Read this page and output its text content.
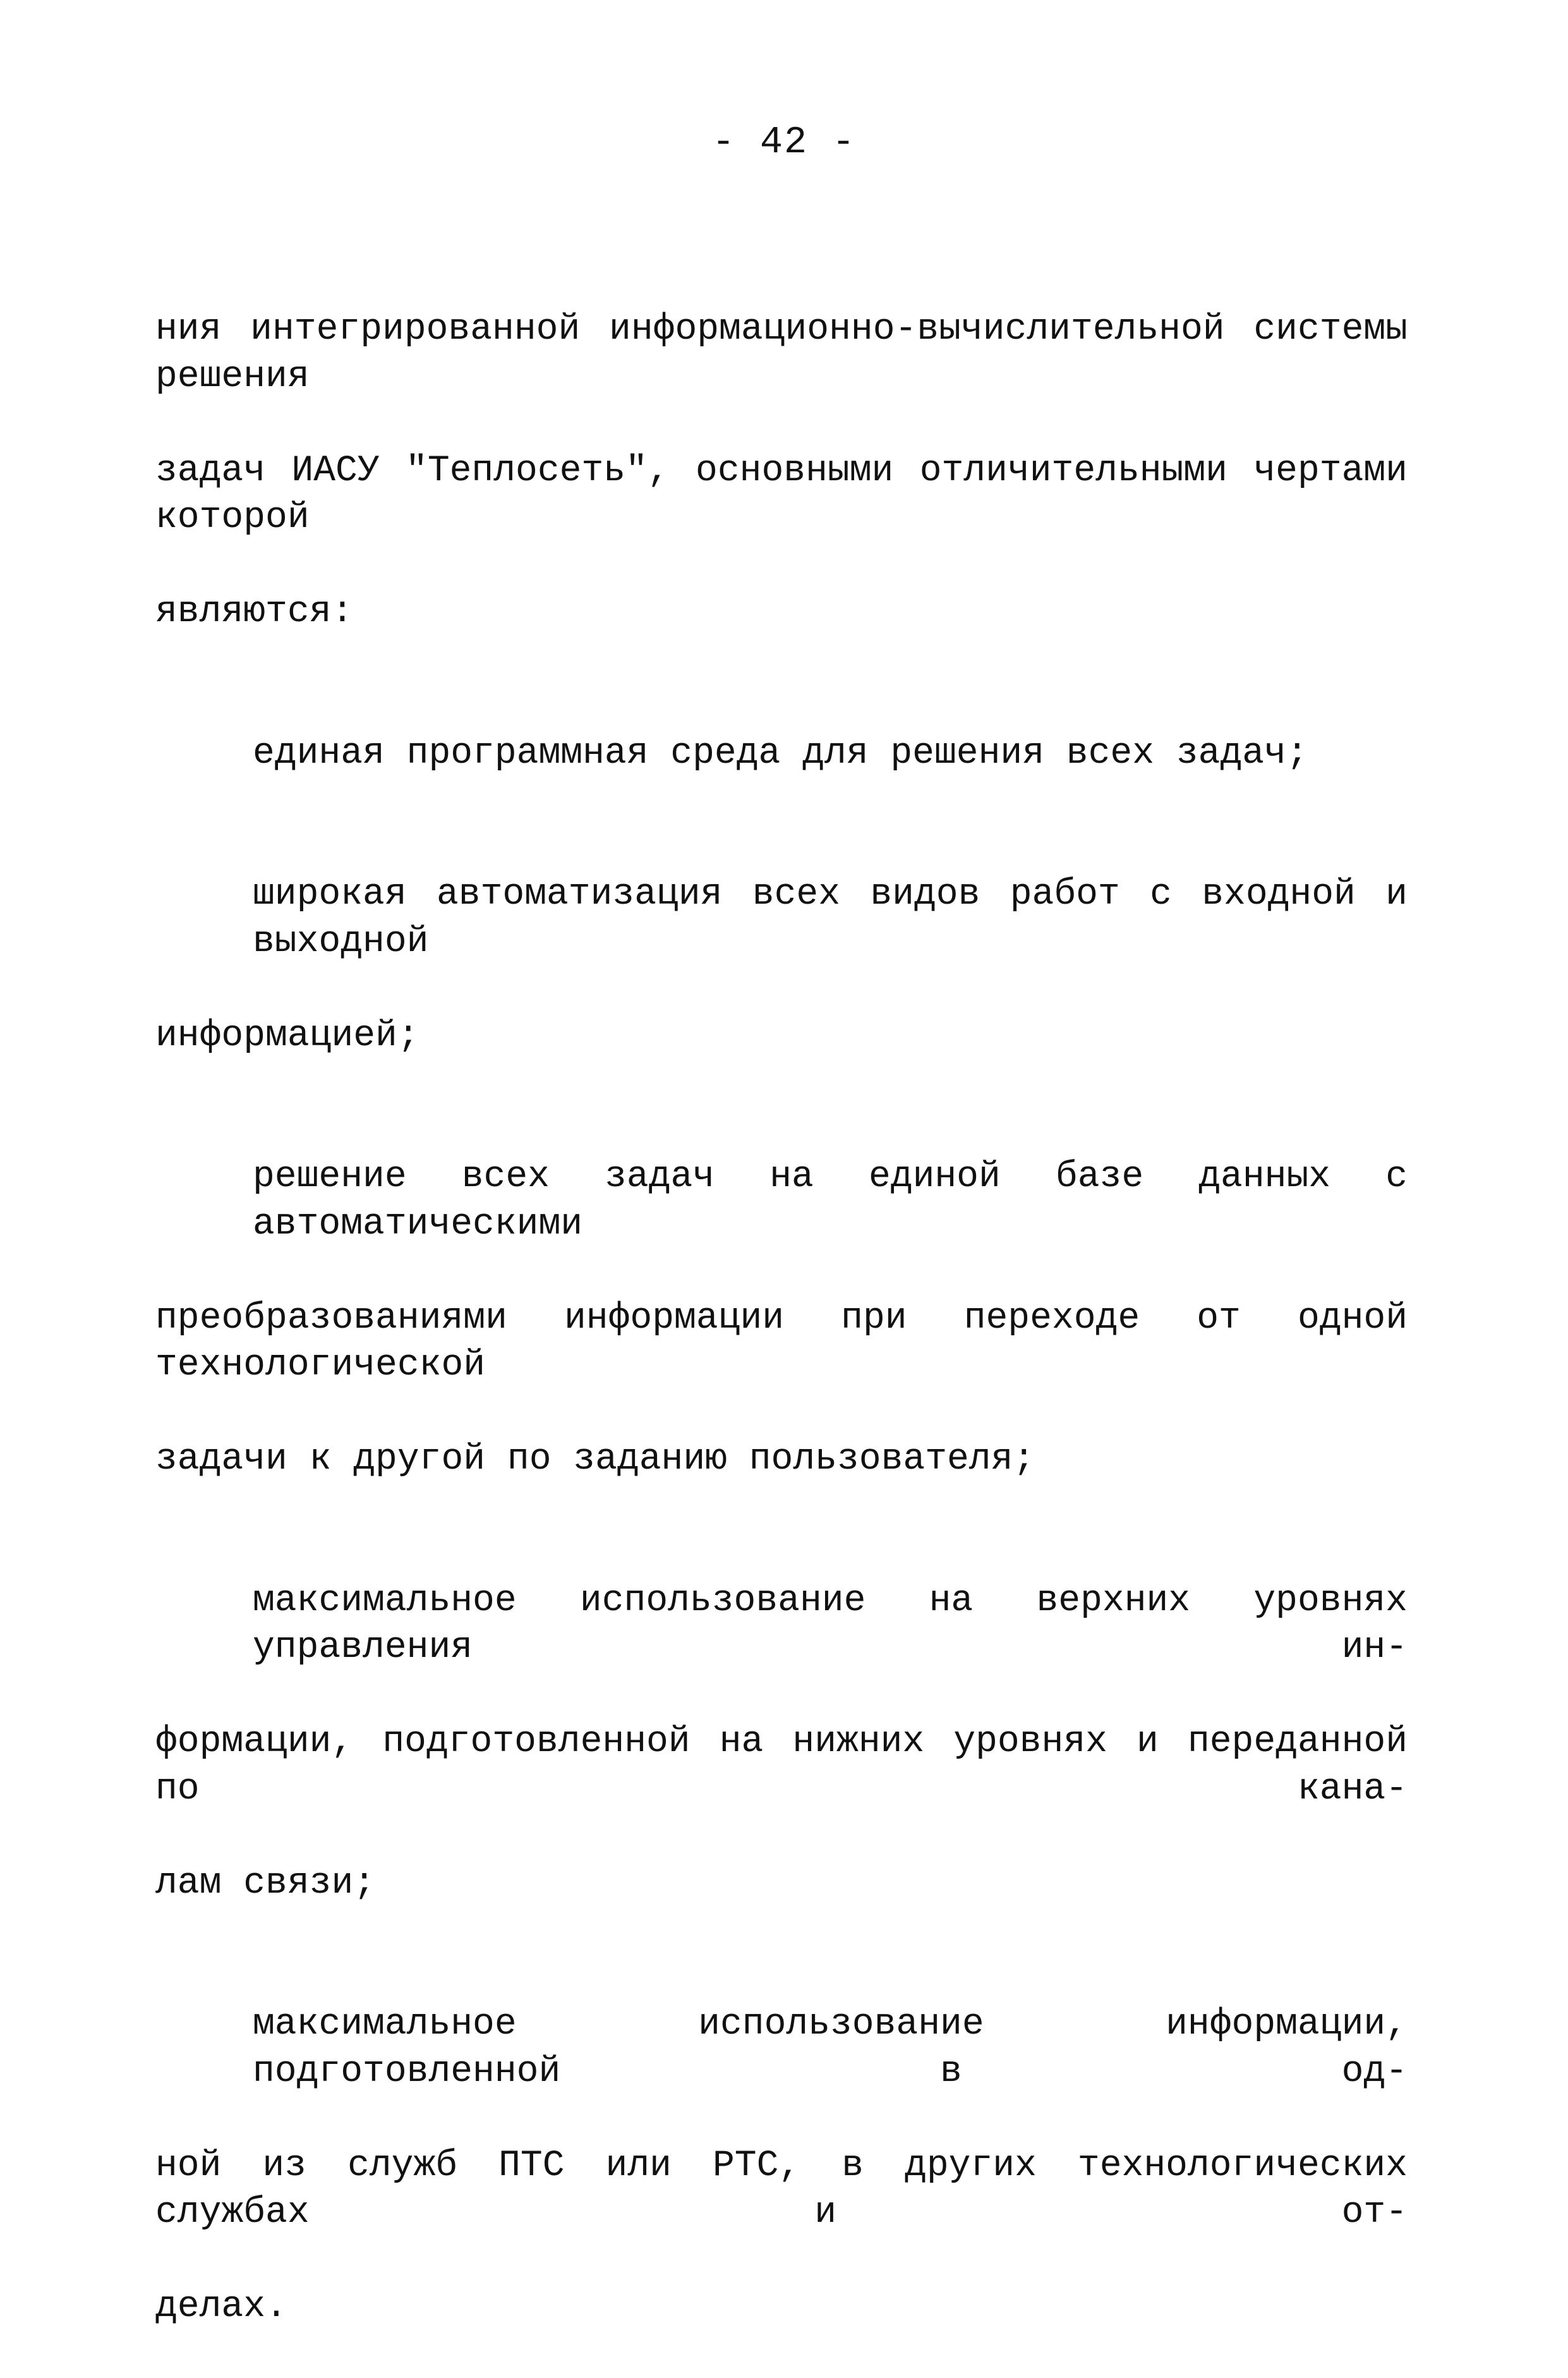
- 42 -

ния интегрированной информационно-вычислительной системы решения

задач ИАСУ "Теплосеть", основными отличительными чертами которой

являются:

единая программная среда для решения всех задач;

широкая автоматизация всех видов работ с входной и выходной

информацией;

решение всех задач на единой базе данных с автоматическими

преобразованиями информации при переходе от одной технологической

задачи к другой по заданию пользователя;

максимальное использование на верхних уровнях управления ин-

формации, подготовленной на нижних уровнях и переданной по кана-

лам связи;

максимальное использование информации, подготовленной в од-

ной из служб ПТС или РТС, в других технологических службах и от-

делах.
